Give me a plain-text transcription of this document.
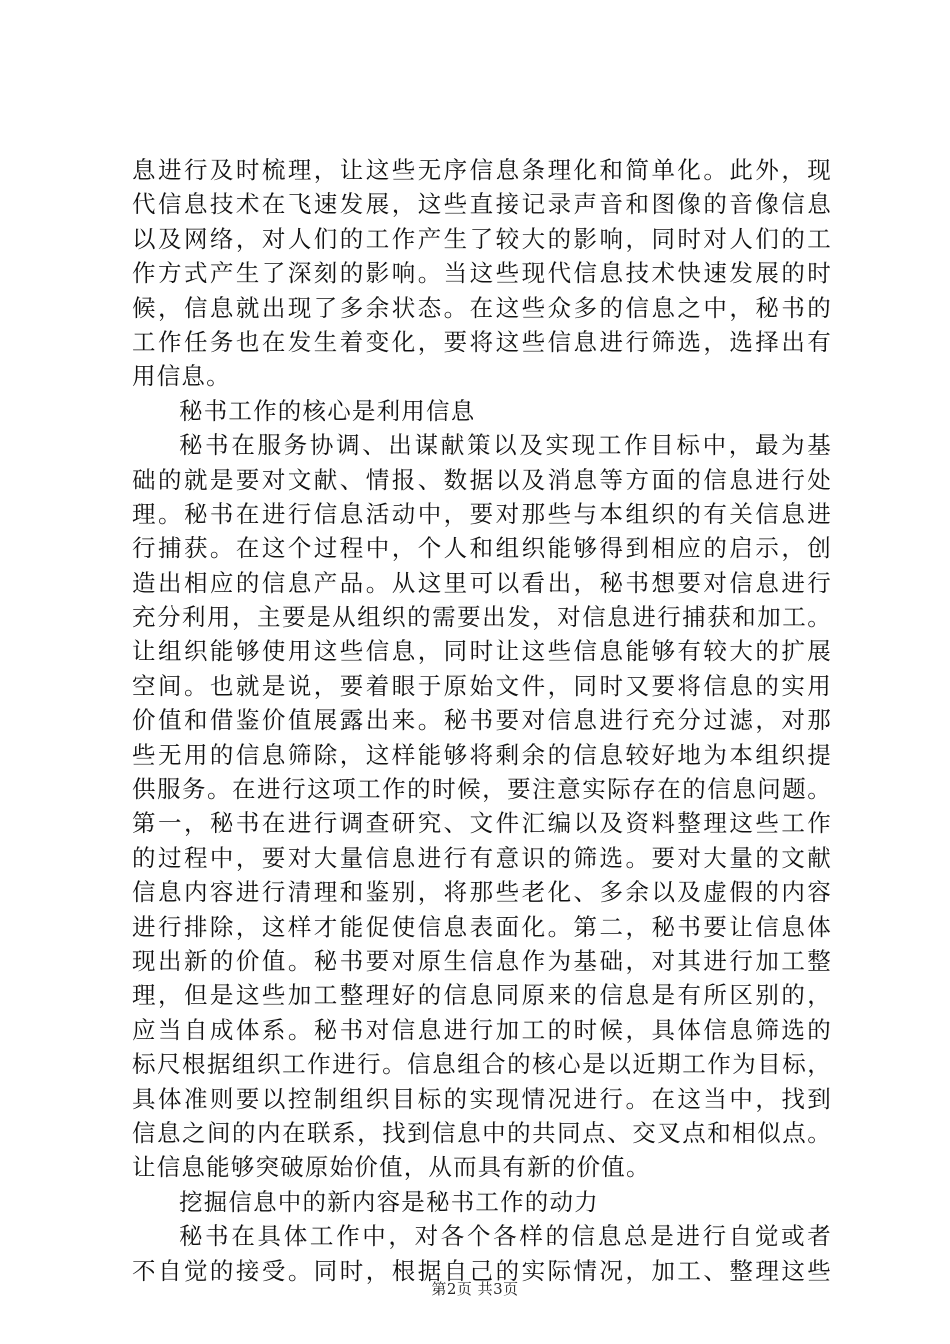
息进行及时梳理，让这些无序信息条理化和简单化。此外，现
代信息技术在飞速发展，这些直接记录声音和图像的音像信息
以及网络，对人们的工作产生了较大的影响，同时对人们的工
作方式产生了深刻的影响。当这些现代信息技术快速发展的时
候，信息就出现了多余状态。在这些众多的信息之中，秘书的
工作任务也在发生着变化，要将这些信息进行筛选，选择出有
用信息。
秘书工作的核心是利用信息
秘书在服务协调、出谋献策以及实现工作目标中，最为基
础的就是要对文献、情报、数据以及消息等方面的信息进行处
理。秘书在进行信息活动中，要对那些与本组织的有关信息进
行捕获。在这个过程中，个人和组织能够得到相应的启示，创
造出相应的信息产品。从这里可以看出，秘书想要对信息进行
充分利用，主要是从组织的需要出发，对信息进行捕获和加工。
让组织能够使用这些信息，同时让这些信息能够有较大的扩展
空间。也就是说，要着眼于原始文件，同时又要将信息的实用
价值和借鉴价值展露出来。秘书要对信息进行充分过滤，对那
些无用的信息筛除，这样能够将剩余的信息较好地为本组织提
供服务。在进行这项工作的时候，要注意实际存在的信息问题。
第一，秘书在进行调查研究、文件汇编以及资料整理这些工作
的过程中，要对大量信息进行有意识的筛选。要对大量的文献
信息内容进行清理和鉴别，将那些老化、多余以及虚假的内容
进行排除，这样才能促使信息表面化。第二，秘书要让信息体
现出新的价值。秘书要对原生信息作为基础，对其进行加工整
理，但是这些加工整理好的信息同原来的信息是有所区别的，
应当自成体系。秘书对信息进行加工的时候，具体信息筛选的
标尺根据组织工作进行。信息组合的核心是以近期工作为目标，
具体准则要以控制组织目标的实现情况进行。在这当中，找到
信息之间的内在联系，找到信息中的共同点、交叉点和相似点。
让信息能够突破原始价值，从而具有新的价值。
挖掘信息中的新内容是秘书工作的动力
秘书在具体工作中，对各个各样的信息总是进行自觉或者
不自觉的接受。同时，根据自己的实际情况，加工、整理这些
第2页 共3页
